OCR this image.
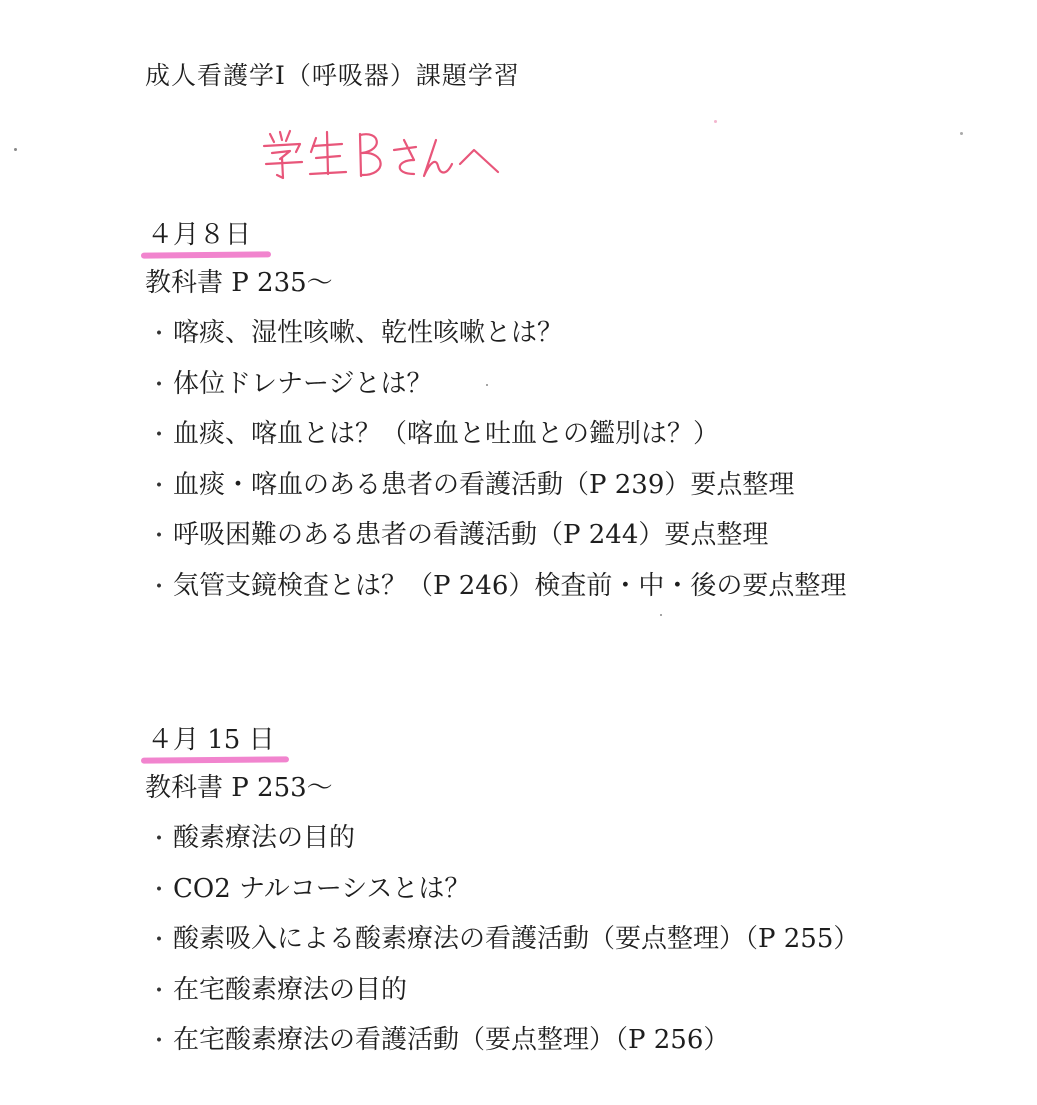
成人看護学Ⅰ（呼吸器）課題学習
４月８日
教科書 P 235～
・ 喀痰、湿性咳嗽、乾性咳嗽とは？
・ 体位ドレナージとは？
・ 血痰、喀血とは？（喀血と吐血との鑑別は？）
・ 血痰・喀血のある患者の看護活動（P 239）要点整理
・ 呼吸困難のある患者の看護活動（P 244）要点整理
・ 気管支鏡検査とは？（P 246）検査前・中・後の要点整理
４月 15 日
教科書 P 253～
・ 酸素療法の目的
・ CO2 ナルコーシスとは？
・ 酸素吸入による酸素療法の看護活動（要点整理）（P 255）
・ 在宅酸素療法の目的
・ 在宅酸素療法の看護活動（要点整理）（P 256）
